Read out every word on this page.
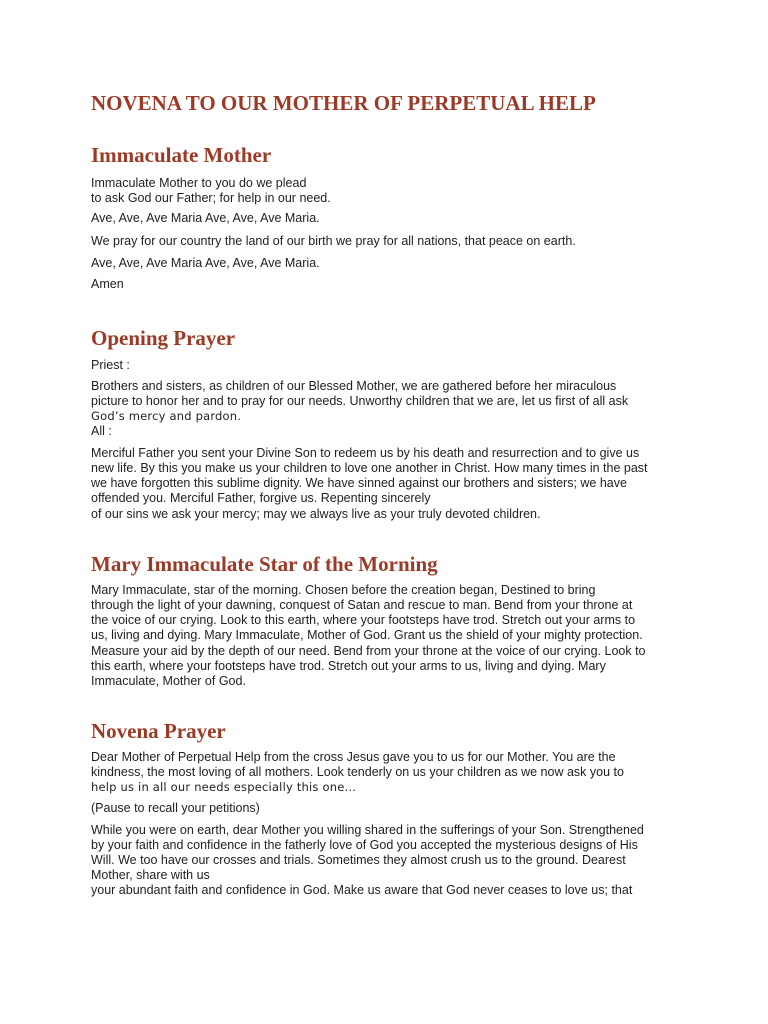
NOVENA TO OUR MOTHER OF PERPETUAL HELP
Immaculate Mother

Immaculate Mother to you do we plead

to ask God our Father; for help in our need.

Ave, Ave, Ave Maria Ave, Ave, Ave Maria.

We pray for our country the land of our birth we pray for all nations, that peace on earth.

Ave, Ave, Ave Maria Ave, Ave, Ave Maria.

Amen

Opening Prayer

Priest :

Brothers and sisters, as children of our Blessed Mother, we are gathered before her miraculous

picture to honor her and to pray for our needs. Unworthy children that we are, let us first of all ask

God’s mercy and pardon.

All :

Merciful Father you sent your Divine Son to redeem us by his death and resurrection and to give us

new life. By this you make us your children to love one another in Christ. How many times in the past

we have forgotten this sublime dignity. We have sinned against our brothers and sisters; we have

offended you. Merciful Father, forgive us. Repenting sincerely

of our sins we ask your mercy; may we always live as your truly devoted children.

Mary Immaculate Star of the Morning

Mary Immaculate, star of the morning. Chosen before the creation began, Destined to bring

through the light of your dawning, conquest of Satan and rescue to man. Bend from your throne at

the voice of our crying. Look to this earth, where your footsteps have trod. Stretch out your arms to

us, living and dying. Mary Immaculate, Mother of God. Grant us the shield of your mighty protection.

Measure your aid by the depth of our need. Bend from your throne at the voice of our crying. Look to

this earth, where your footsteps have trod. Stretch out your arms to us, living and dying. Mary

Immaculate, Mother of God.

Novena Prayer

Dear Mother of Perpetual Help from the cross Jesus gave you to us for our Mother. You are the

kindness, the most loving of all mothers. Look tenderly on us your children as we now ask you to

help us in all our needs especially this one…

(Pause to recall your petitions)

While you were on earth, dear Mother you willing shared in the sufferings of your Son. Strengthened

by your faith and confidence in the fatherly love of God you accepted the mysterious designs of His

Will. We too have our crosses and trials. Sometimes they almost crush us to the ground. Dearest

Mother, share with us

your abundant faith and confidence in God. Make us aware that God never ceases to love us; that
